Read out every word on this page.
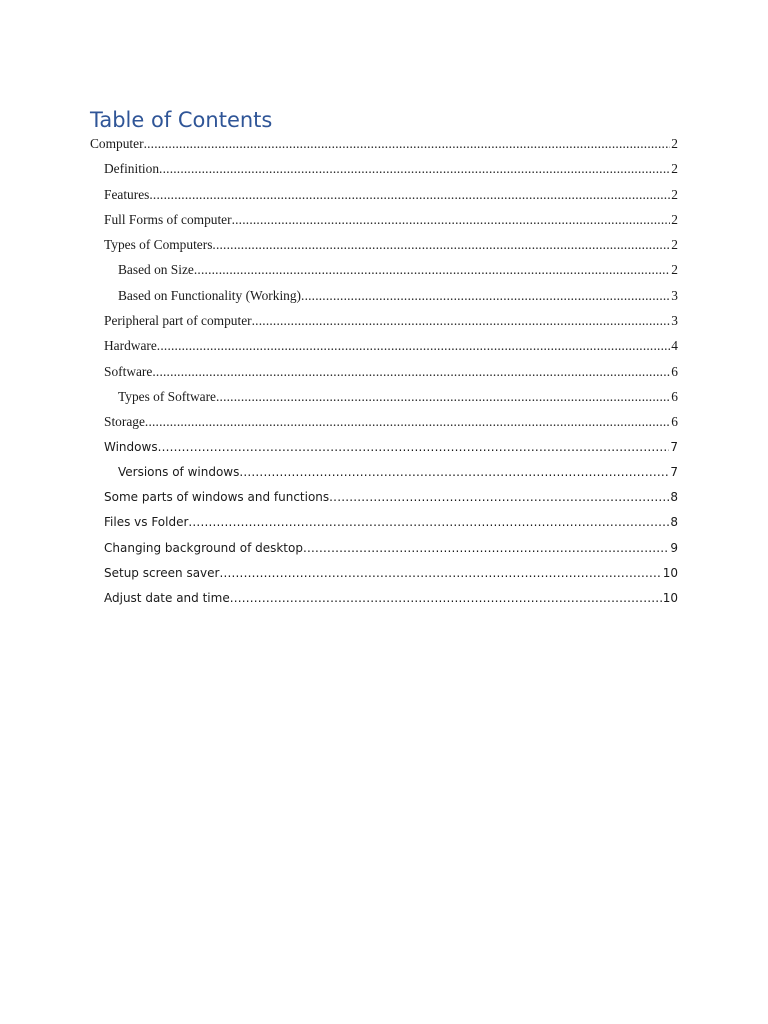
Table of Contents
Computer .....	2
Definition .....	2
Features .....	2
Full Forms of computer .....	2
Types of Computers .....	2
Based on Size .....	2
Based on Functionality (Working) .....	3
Peripheral part of computer .....	3
Hardware .....	4
Software .....	6
Types of Software .....	6
Storage .....	6
Windows .....	7
Versions of windows .....	7
Some parts of windows and functions .....	8
Files vs Folder .....	8
Changing background of desktop .....	9
Setup screen saver .....	10
Adjust date and time .....	10
